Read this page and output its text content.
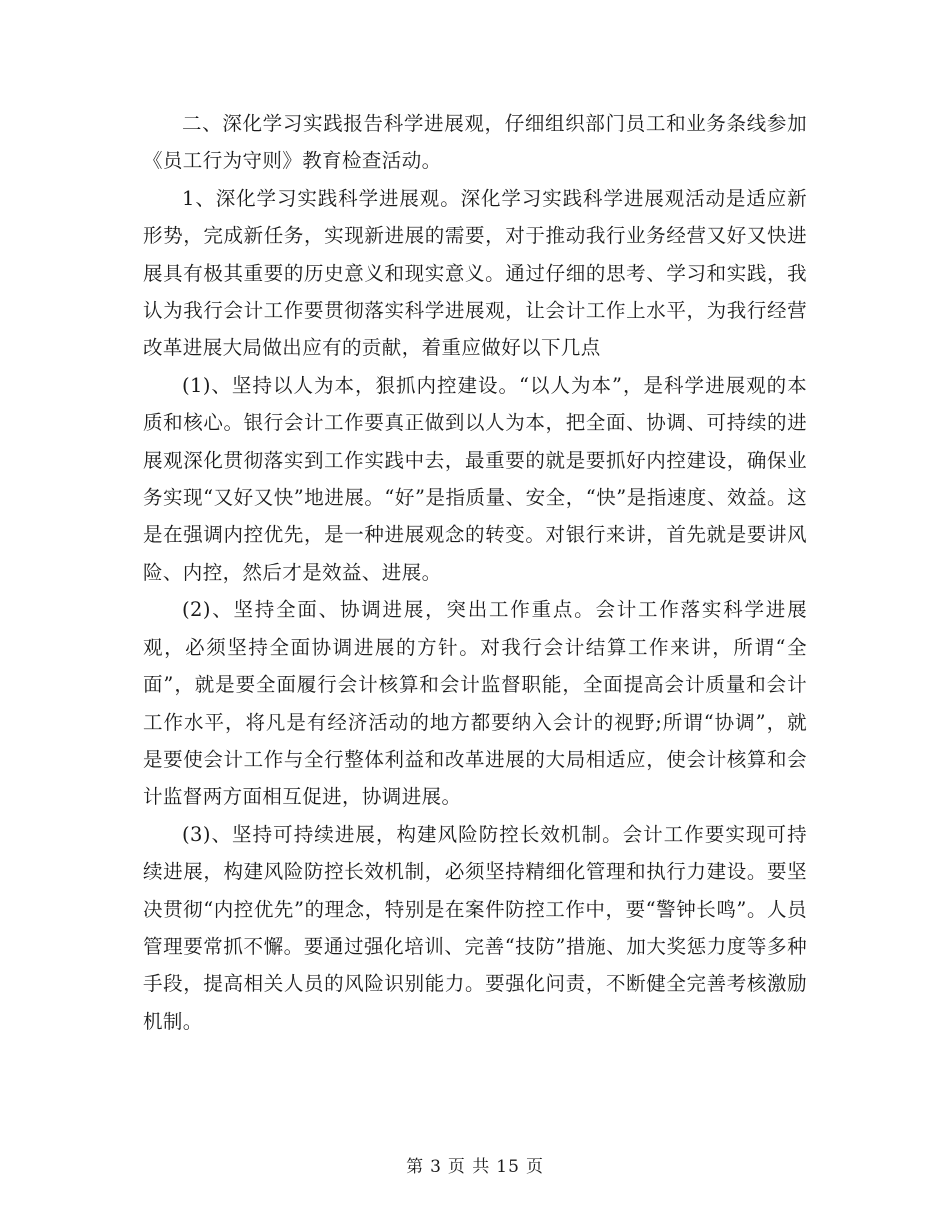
二、深化学习实践报告科学进展观，仔细组织部门员工和业务条线参加《员工行为守则》教育检查活动。

1、深化学习实践科学进展观。深化学习实践科学进展观活动是适应新形势，完成新任务，实现新进展的需要，对于推动我行业务经营又好又快进展具有极其重要的历史意义和现实意义。通过仔细的思考、学习和实践，我认为我行会计工作要贯彻落实科学进展观，让会计工作上水平，为我行经营改革进展大局做出应有的贡献，着重应做好以下几点

(1)、坚持以人为本，狠抓内控建设。“以人为本”，是科学进展观的本质和核心。银行会计工作要真正做到以人为本，把全面、协调、可持续的进展观深化贯彻落实到工作实践中去，最重要的就是要抓好内控建设，确保业务实现“又好又快”地进展。“好”是指质量、安全，“快”是指速度、效益。这是在强调内控优先，是一种进展观念的转变。对银行来讲，首先就是要讲风险、内控，然后才是效益、进展。

(2)、坚持全面、协调进展，突出工作重点。会计工作落实科学进展观，必须坚持全面协调进展的方针。对我行会计结算工作来讲，所谓“全面”，就是要全面履行会计核算和会计监督职能，全面提高会计质量和会计工作水平，将凡是有经济活动的地方都要纳入会计的视野;所谓“协调”，就是要使会计工作与全行整体利益和改革进展的大局相适应，使会计核算和会计监督两方面相互促进，协调进展。

(3)、坚持可持续进展，构建风险防控长效机制。会计工作要实现可持续进展，构建风险防控长效机制，必须坚持精细化管理和执行力建设。要坚决贯彻“内控优先”的理念，特别是在案件防控工作中，要“警钟长鸣”。人员管理要常抓不懈。要通过强化培训、完善“技防”措施、加大奖惩力度等多种手段，提高相关人员的风险识别能力。要强化问责，不断健全完善考核激励机制。

第 3 页 共 15 页
